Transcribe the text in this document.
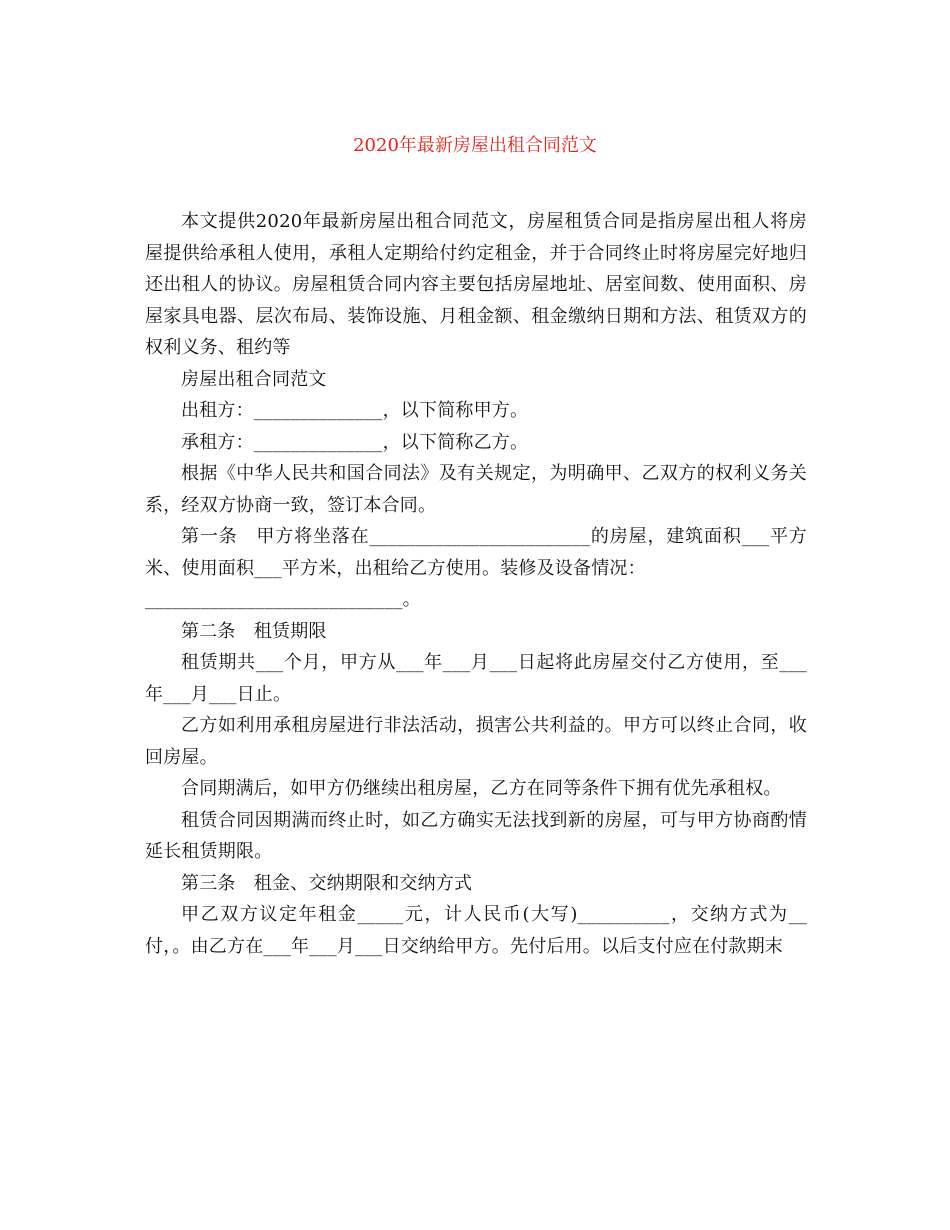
2020年最新房屋出租合同范文

本文提供2020年最新房屋出租合同范文，房屋租赁合同是指房屋出租人将房屋提供给承租人使用，承租人定期给付约定租金，并于合同终止时将房屋完好地归还出租人的协议。房屋租赁合同内容主要包括房屋地址、居室间数、使用面积、房屋家具电器、层次布局、装饰设施、月租金额、租金缴纳日期和方法、租赁双方的权利义务、租约等

房屋出租合同范文

出租方：______________，以下简称甲方。

承租方：______________，以下简称乙方。

根据《中华人民共和国合同法》及有关规定，为明确甲、乙双方的权利义务关系，经双方协商一致，签订本合同。

第一条　甲方将坐落在________________________的房屋，建筑面积___平方米、使用面积___平方米，出租给乙方使用。装修及设备情况：

____________________________。

第二条　租赁期限

租赁期共___个月，甲方从___年___月___日起将此房屋交付乙方使用，至___年___月___日止。

乙方如利用承租房屋进行非法活动，损害公共利益的。甲方可以终止合同，收回房屋。

合同期满后，如甲方仍继续出租房屋，乙方在同等条件下拥有优先承租权。

租赁合同因期满而终止时，如乙方确实无法找到新的房屋，可与甲方协商酌情延长租赁期限。

第三条　租金、交纳期限和交纳方式

甲乙双方议定年租金_____元，计人民币(大写)__________，交纳方式为__付，。由乙方在___年___月___日交纳给甲方。先付后用。以后支付应在付款期末
